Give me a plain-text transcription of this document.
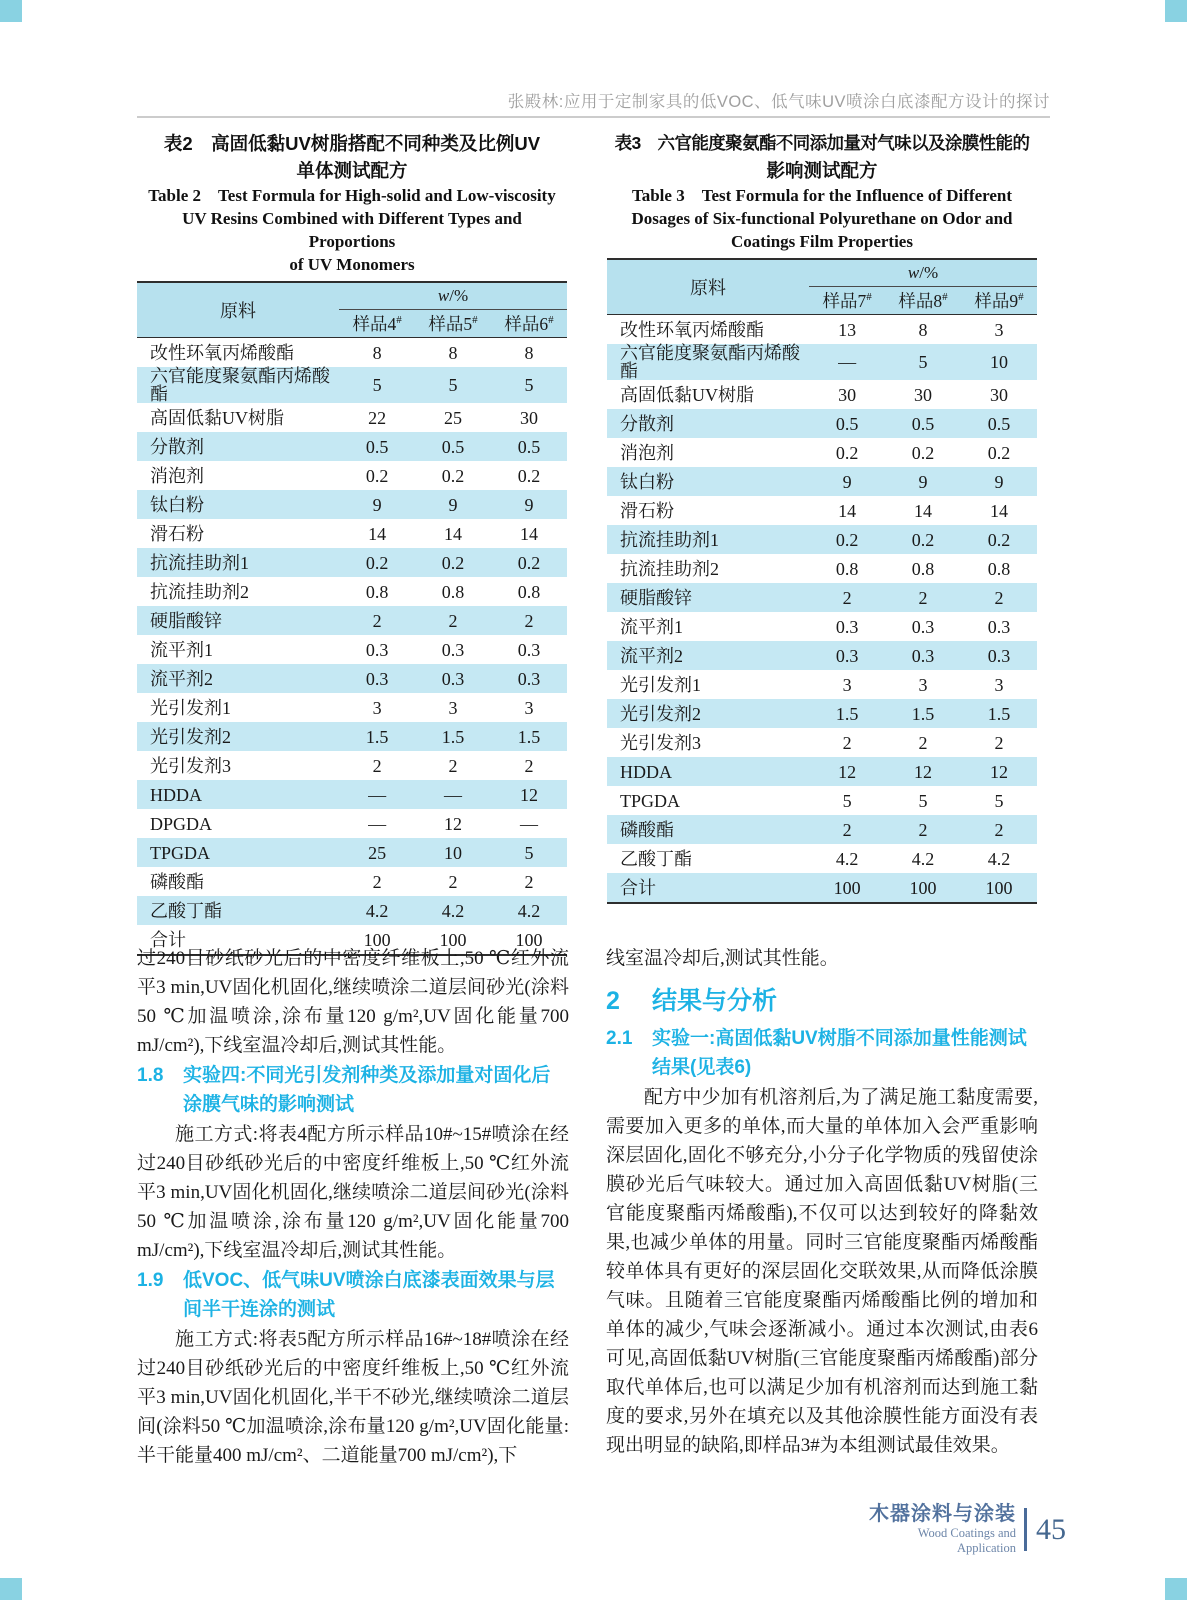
张殿林:应用于定制家具的低VOC、低气味UV喷涂白底漆配方设计的探讨
表2　高固低黏UV树脂搭配不同种类及比例UV
单体测试配方
Table 2　Test Formula for High-solid and Low-viscosity
UV Resins Combined with Different Types and Proportions
of UV Monomers
原料	w/%		
	样品4#	样品5#	样品6#
改性环氧丙烯酸酯	8	8	8
六官能度聚氨酯丙烯酸酯	5	5	5
高固低黏UV树脂	22	25	30
分散剂	0.5	0.5	0.5
消泡剂	0.2	0.2	0.2
钛白粉	9	9	9
滑石粉	14	14	14
抗流挂助剂1	0.2	0.2	0.2
抗流挂助剂2	0.8	0.8	0.8
硬脂酸锌	2	2	2
流平剂1	0.3	0.3	0.3
流平剂2	0.3	0.3	0.3
光引发剂1	3	3	3
光引发剂2	1.5	1.5	1.5
光引发剂3	2	2	2
HDDA	—	—	12
DPGDA	—	12	—
TPGDA	25	10	5
磷酸酯	2	2	2
乙酸丁酯	4.2	4.2	4.2
合计	100	100	100
表3　六官能度聚氨酯不同添加量对气味以及涂膜性能的
影响测试配方
Table 3　Test Formula for the Influence of Different
Dosages of Six-functional Polyurethane on Odor and
Coatings Film Properties
原料	w/%		
	样品7#	样品8#	样品9#
改性环氧丙烯酸酯	13	8	3
六官能度聚氨酯丙烯酸酯	—	5	10
高固低黏UV树脂	30	30	30
分散剂	0.5	0.5	0.5
消泡剂	0.2	0.2	0.2
钛白粉	9	9	9
滑石粉	14	14	14
抗流挂助剂1	0.2	0.2	0.2
抗流挂助剂2	0.8	0.8	0.8
硬脂酸锌	2	2	2
流平剂1	0.3	0.3	0.3
流平剂2	0.3	0.3	0.3
光引发剂1	3	3	3
光引发剂2	1.5	1.5	1.5
光引发剂3	2	2	2
HDDA	12	12	12
TPGDA	5	5	5
磷酸酯	2	2	2
乙酸丁酯	4.2	4.2	4.2
合计	100	100	100

过240目砂纸砂光后的中密度纤维板上,50 ℃红外流平3 min,UV固化机固化,继续喷涂二道层间砂光(涂料50 ℃加温喷涂,涂布量120 g/m²,UV固化能量700 mJ/cm²),下线室温冷却后,测试其性能。

1.8	实验四:不同光引发剂种类及添加量对固化后涂膜气味的影响测试

施工方式:将表4配方所示样品10#~15#喷涂在经过240目砂纸砂光后的中密度纤维板上,50 ℃红外流平3 min,UV固化机固化,继续喷涂二道层间砂光(涂料50 ℃加温喷涂,涂布量120 g/m²,UV固化能量700 mJ/cm²),下线室温冷却后,测试其性能。

1.9	低VOC、低气味UV喷涂白底漆表面效果与层间半干连涂的测试

施工方式:将表5配方所示样品16#~18#喷涂在经过240目砂纸砂光后的中密度纤维板上,50 ℃红外流平3 min,UV固化机固化,半干不砂光,继续喷涂二道层间(涂料50 ℃加温喷涂,涂布量120 g/m²,UV固化能量:半干能量400 mJ/cm²、二道能量700 mJ/cm²),下

线室温冷却后,测试其性能。

2	结果与分析
2.1	实验一:高固低黏UV树脂不同添加量性能测试结果(见表6)

配方中少加有机溶剂后,为了满足施工黏度需要,需要加入更多的单体,而大量的单体加入会严重影响深层固化,固化不够充分,小分子化学物质的残留使涂膜砂光后气味较大。通过加入高固低黏UV树脂(三官能度聚酯丙烯酸酯),不仅可以达到较好的降黏效果,也减少单体的用量。同时三官能度聚酯丙烯酸酯较单体具有更好的深层固化交联效果,从而降低涂膜气味。且随着三官能度聚酯丙烯酸酯比例的增加和单体的减少,气味会逐渐减小。通过本次测试,由表6可见,高固低黏UV树脂(三官能度聚酯丙烯酸酯)部分取代单体后,也可以满足少加有机溶剂而达到施工黏度的要求,另外在填充以及其他涂膜性能方面没有表现出明显的缺陷,即样品3#为本组测试最佳效果。

木器涂料与涂装
Wood Coatings and Application
45
